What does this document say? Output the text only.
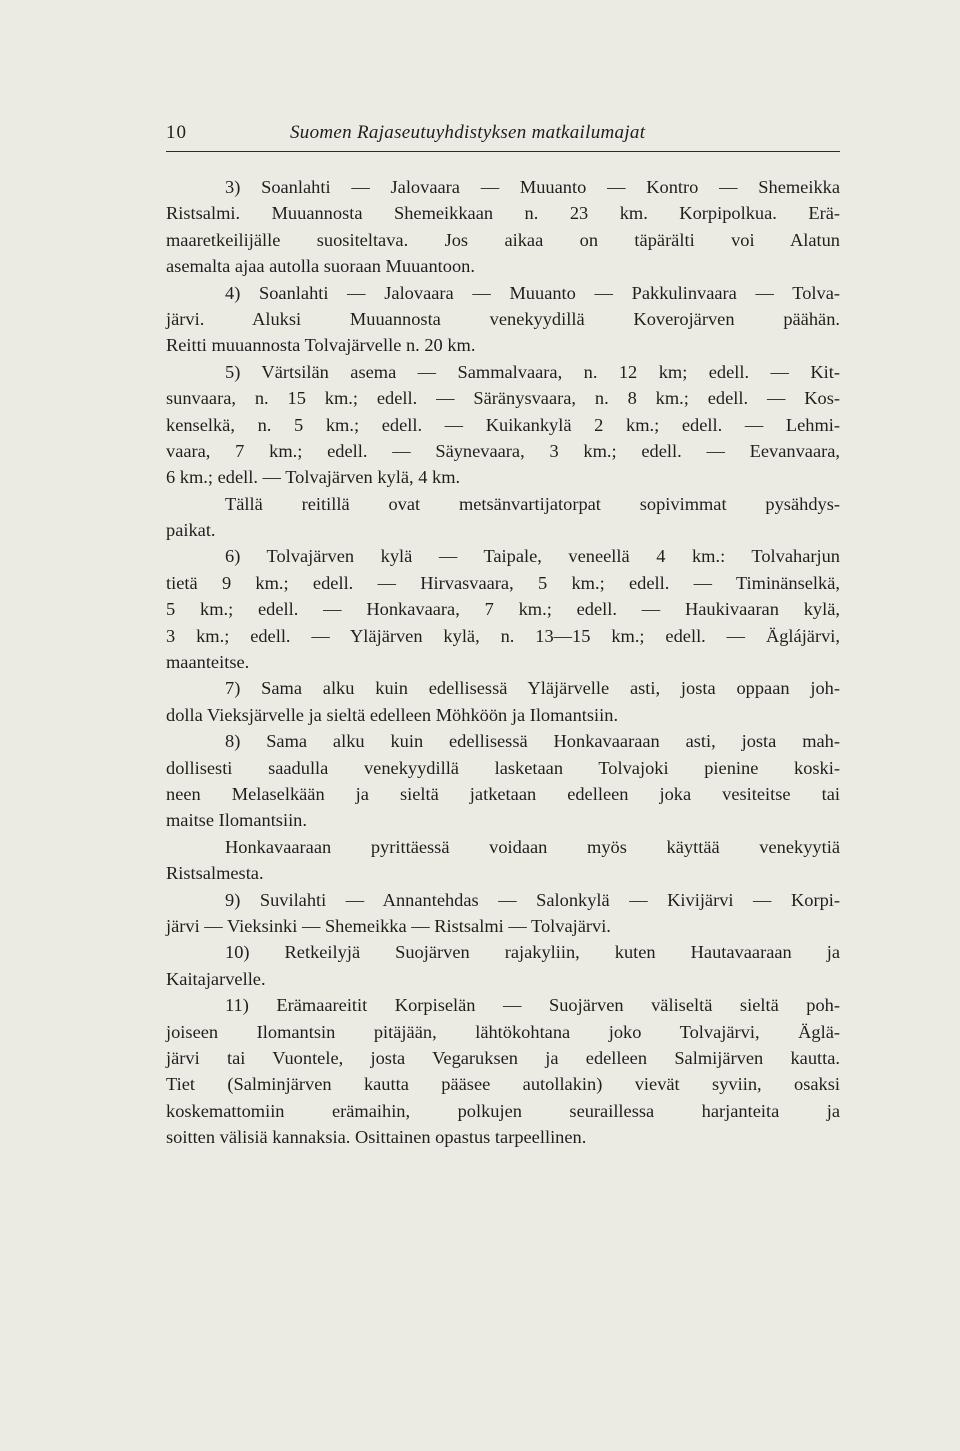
10	Suomen Rajaseutuyhdistyksen matkailumajat
3) Soanlahti — Jalovaara — Muuanto — Kontro — Shemeikka
Ristsalmi. Muuannosta Shemeikkaan n. 23 km. Korpipolkua. Erä-
maaretkeilijälle suositeltava. Jos aikaa on täpärälti voi Alatun
asemalta ajaa autolla suoraan Muuantoon.
4) Soanlahti — Jalovaara — Muuanto — Pakkulinvaara — Tolva-
järvi. Aluksi Muuannosta venekyydillä Koverojärven päähän.
Reitti muuannosta Tolvajärvelle n. 20 km.
5) Värtsilän asema — Sammalvaara, n. 12 km; edell. — Kit-
sunvaara, n. 15 km.; edell. — Säränysvaara, n. 8 km.; edell. — Kos-
kenselkä, n. 5 km.; edell. — Kuikankylä 2 km.; edell. — Lehmi-
vaara, 7 km.; edell. — Säynevaara, 3 km.; edell. — Eevanvaara,
6 km.; edell. — Tolvajärven kylä, 4 km.
Tällä reitillä ovat metsänvartijatorpat sopivimmat pysähdys-
paikat.
6) Tolvajärven kylä — Taipale, veneellä 4 km.: Tolvaharjun
tietä 9 km.; edell. — Hirvasvaara, 5 km.; edell. — Timinänselkä,
5 km.; edell. — Honkavaara, 7 km.; edell. — Haukivaaran kylä,
3 km.; edell. — Yläjärven kylä, n. 13—15 km.; edell. — Äglájärvi,
maanteitse.
7) Sama alku kuin edellisessä Yläjärvelle asti, josta oppaan joh-
dolla Vieksjärvelle ja sieltä edelleen Möhköön ja Ilomantsiin.
8) Sama alku kuin edellisessä Honkavaaraan asti, josta mah-
dollisesti saadulla venekyydillä lasketaan Tolvajoki pienine koski-
neen Melaselkään ja sieltä jatketaan edelleen joka vesiteitse tai
maitse Ilomantsiin.
Honkavaaraan pyrittäessä voidaan myös käyttää venekyytiä
Ristsalmesta.
9) Suvilahti — Annantehdas — Salonkylä — Kivijärvi — Korpi-
järvi — Vieksinki — Shemeikka — Ristsalmi — Tolvajärvi.
10) Retkeilyjä Suojärven rajakyliin, kuten Hautavaaraan ja
Kaitajarvelle.
11) Erämaareitit Korpiselän — Suojärven väliseltä sieltä poh-
joiseen Ilomantsin pitäjään, lähtökohtana joko Tolvajärvi, Äglä-
järvi tai Vuontele, josta Vegaruksen ja edelleen Salmijärven kautta.
Tiet (Salminjärven kautta pääsee autollakin) vievät syviin, osaksi
koskemattomiin erämaihin, polkujen seuraillessa harjanteita ja
soitten välisiä kannaksia. Osittainen opastus tarpeellinen.
